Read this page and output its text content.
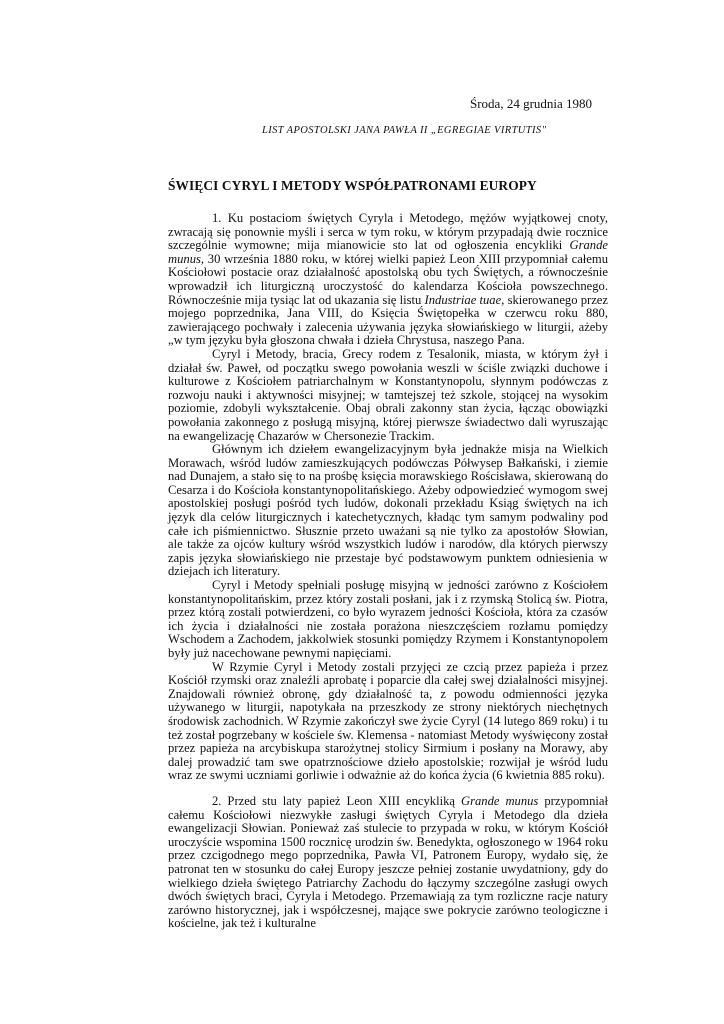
Środa, 24 grudnia 1980
LIST APOSTOLSKI JANA PAWŁA II „EGREGIAE VIRTUTIS"
ŚWIĘCI CYRYL I METODY WSPÓŁPATRONAMI EUROPY

1. Ku postaciom świętych Cyryla i Metodego, mężów wyjątkowej cnoty, zwracają się ponownie myśli i serca w tym roku, w którym przypadają dwie rocznice szczególnie wymowne; mija mianowicie sto lat od ogłoszenia encykliki Grande munus, 30 września 1880 roku, w której wielki papież Leon XIII przypomniał całemu Kościołowi postacie oraz działalność apostolską obu tych Świętych, a równocześnie wprowadził ich liturgiczną uroczystość do kalendarza Kościoła powszechnego. Równocześnie mija tysiąc lat od ukazania się listu Industriae tuae, skierowanego przez mojego poprzednika, Jana VIII, do Księcia Świętopełka w czerwcu roku 880, zawierającego pochwały i zalecenia używania języka słowiańskiego w liturgii, ażeby „w tym języku była głoszona chwała i dzieła Chrystusa, naszego Pana.

Cyryl i Metody, bracia, Grecy rodem z Tesalonik, miasta, w którym żył i działał św. Paweł, od początku swego powołania weszli w ściśle związki duchowe i kulturowe z Kościołem patriarchalnym w Konstantynopolu, słynnym podówczas z rozwoju nauki i aktywności misyjnej; w tamtejszej też szkole, stojącej na wysokim poziomie, zdobyli wykształcenie. Obaj obrali zakonny stan życia, łącząc obowiązki powołania zakonnego z posługą misyjną, której pierwsze świadectwo dali wyruszając na ewangelizację Chazarów w Chersonezie Trackim.

Głównym ich dziełem ewangelizacyjnym była jednakże misja na Wielkich Morawach, wśród ludów zamieszkujących podówczas Półwysep Bałkański, i ziemie nad Dunajem, a stało się to na prośbę księcia morawskiego Rościsława, skierowaną do Cesarza i do Kościoła konstantynopolitańskiego. Ażeby odpowiedzieć wymogom swej apostolskiej posługi pośród tych ludów, dokonali przekładu Ksiąg świętych na ich język dla celów liturgicznych i katechetycznych, kładąc tym samym podwaliny pod całe ich piśmiennictwo. Słusznie przeto uważani są nie tylko za apostołów Słowian, ale także za ojców kultury wśród wszystkich ludów i narodów, dla których pierwszy zapis języka słowiańskiego nie przestaje być podstawowym punktem odniesienia w dziejach ich literatury.

Cyryl i Metody spełniali posługę misyjną w jedności zarówno z Kościołem konstantynopolitańskim, przez który zostali posłani, jak i z rzymską Stolicą św. Piotra, przez którą zostali potwierdzeni, co było wyrazem jedności Kościoła, która za czasów ich życia i działalności nie została porażona nieszczęściem rozłamu pomiędzy Wschodem a Zachodem, jakkolwiek stosunki pomiędzy Rzymem i Konstantynopolem były już nacechowane pewnymi napięciami.

W Rzymie Cyryl i Metody zostali przyjęci ze czcią przez papieża i przez Kościół rzymski oraz znaleźli aprobatę i poparcie dla całej swej działalności misyjnej. Znajdowali również obronę, gdy działalność ta, z powodu odmienności języka używanego w liturgii, napotykała na przeszkody ze strony niektórych niechętnych środowisk zachodnich. W Rzymie zakończył swe życie Cyryl (14 lutego 869 roku) i tu też został pogrzebany w kościele św. Klemensa - natomiast Metody wyświęcony został przez papieża na arcybiskupa starożytnej stolicy Sirmium i posłany na Morawy, aby dalej prowadzić tam swe opatrznościowe dzieło apostolskie; rozwijał je wśród ludu wraz ze swymi uczniami gorliwie i odważnie aż do końca życia (6 kwietnia 885 roku).

2. Przed stu laty papież Leon XIII encykliką Grande munus przypomniał całemu Kościołowi niezwykłe zasługi świętych Cyryla i Metodego dla dzieła ewangelizacji Słowian. Ponieważ zaś stulecie to przypada w roku, w którym Kościół uroczyście wspomina 1500 rocznicę urodzin św. Benedykta, ogłoszonego w 1964 roku przez czcigodnego mego poprzednika, Pawła VI, Patronem Europy, wydało się, że patronat ten w stosunku do całej Europy jeszcze pełniej zostanie uwydatniony, gdy do wielkiego dzieła świętego Patriarchy Zachodu do łączymy szczególne zasługi owych dwóch świętych braci, Cyryla i Metodego. Przemawiają za tym rozliczne racje natury zarówno historycznej, jak i współczesnej, mające swe pokrycie zarówno teologiczne i kościelne, jak też i kulturalne
